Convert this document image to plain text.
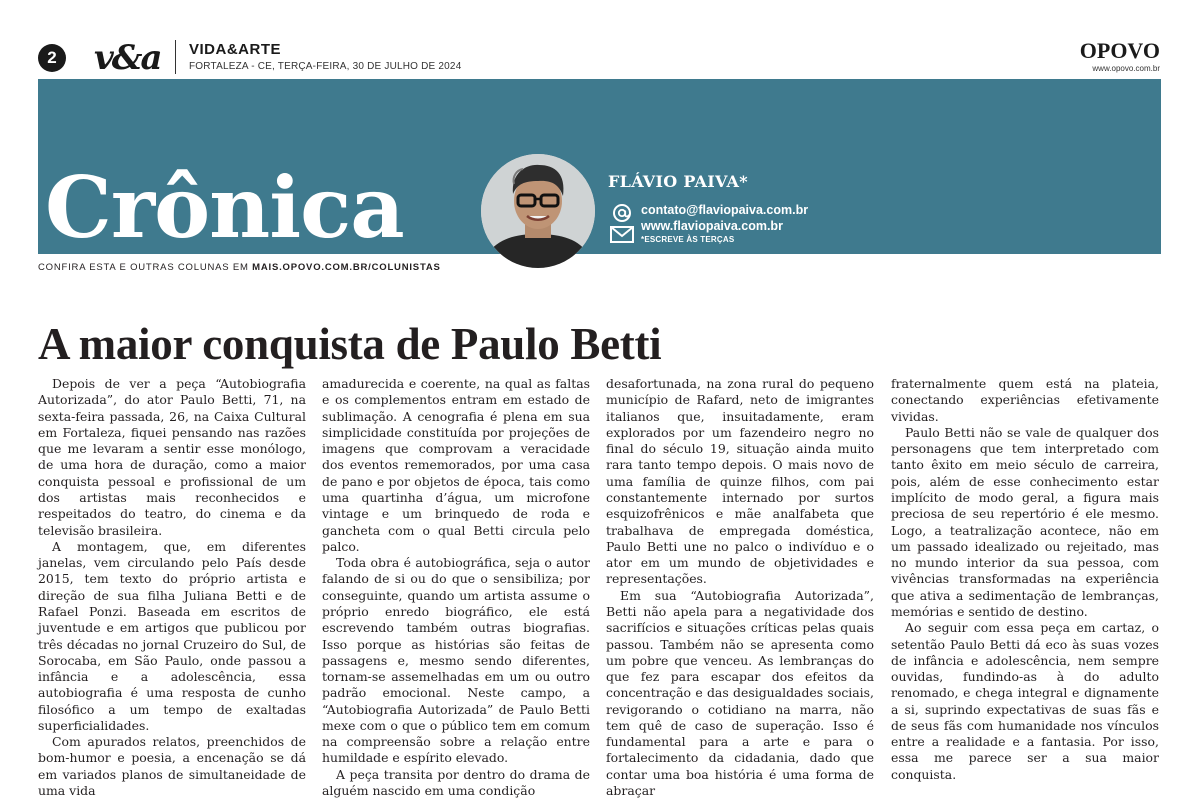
2 v&a VIDA&ARTE
FORTALEZA - CE, TERÇA-FEIRA, 30 DE JULHO DE 2024
OPOVO
www.opovo.com.br
Crônica	FLÁVIO PAIVA*
contato@flaviopaiva.com.br
www.flaviopaiva.com.br
*ESCREVE ÀS TERÇAS
CONFIRA ESTA E OUTRAS COLUNAS EM MAIS.OPOVO.COM.BR/COLUNISTAS
A maior conquista de Paulo Betti

Depois de ver a peça “Autobiografia Autorizada”, do ator Paulo Betti, 71, na sexta-feira passada, 26, na Caixa Cultural em Fortaleza, fiquei pensando nas razões que me levaram a sentir esse monólogo, de uma hora de duração, como a maior conquista pessoal e profissional de um dos artistas mais reconhecidos e respeitados do teatro, do cinema e da televisão brasileira.

A montagem, que, em diferentes janelas, vem circulando pelo País desde 2015, tem texto do próprio artista e direção de sua filha Juliana Betti e de Rafael Ponzi. Baseada em escritos de juventude e em artigos que publicou por três décadas no jornal Cruzeiro do Sul, de Sorocaba, em São Paulo, onde passou a infância e a adolescência, essa autobiografia é uma resposta de cunho filosófico a um tempo de exaltadas superficialidades.

Com apurados relatos, preenchidos de bom-humor e poesia, a encenação se dá em variados planos de simultaneidade de uma vida

amadurecida e coerente, na qual as faltas e os complementos entram em estado de sublimação. A cenografia é plena em sua simplicidade constituída por projeções de imagens que comprovam a veracidade dos eventos rememorados, por uma casa de pano e por objetos de época, tais como uma quartinha d’água, um microfone vintage e um brinquedo de roda e gancheta com o qual Betti circula pelo palco.

Toda obra é autobiográfica, seja o autor falando de si ou do que o sensibiliza; por conseguinte, quando um artista assume o próprio enredo biográfico, ele está escrevendo também outras biografias. Isso porque as histórias são feitas de passagens e, mesmo sendo diferentes, tornam-se assemelhadas em um ou outro padrão emocional. Neste campo, a “Autobiografia Autorizada” de Paulo Betti mexe com o que o público tem em comum na compreensão sobre a relação entre humildade e espírito elevado.

A peça transita por dentro do drama de alguém nascido em uma condição

desafortunada, na zona rural do pequeno município de Rafard, neto de imigrantes italianos que, insuitadamente, eram explorados por um fazendeiro negro no final do século 19, situação ainda muito rara tanto tempo depois. O mais novo de uma família de quinze filhos, com pai constantemente internado por surtos esquizofrênicos e mãe analfabeta que trabalhava de empregada doméstica, Paulo Betti une no palco o indivíduo e o ator em um mundo de objetividades e representações.

Em sua “Autobiografia Autorizada”, Betti não apela para a negatividade dos sacrifícios e situações críticas pelas quais passou. Também não se apresenta como um pobre que venceu. As lembranças do que fez para escapar dos efeitos da concentração e das desigualdades sociais, revigorando o cotidiano na marra, não tem quê de caso de superação. Isso é fundamental para a arte e para o fortalecimento da cidadania, dado que contar uma boa história é uma forma de abraçar

fraternalmente quem está na plateia, conectando experiências efetivamente vividas.

Paulo Betti não se vale de qualquer dos personagens que tem interpretado com tanto êxito em meio século de carreira, pois, além de esse conhecimento estar implícito de modo geral, a figura mais preciosa de seu repertório é ele mesmo. Logo, a teatralização acontece, não em um passado idealizado ou rejeitado, mas no mundo interior da sua pessoa, com vivências transformadas na experiência que ativa a sedimentação de lembranças, memórias e sentido de destino.

Ao seguir com essa peça em cartaz, o setentão Paulo Betti dá eco às suas vozes de infância e adolescência, nem sempre ouvidas, fundindo-as à do adulto renomado, e chega integral e dignamente a si, suprindo expectativas de suas fãs e de seus fãs com humanidade nos vínculos entre a realidade e a fantasia. Por isso, essa me parece ser a sua maior conquista.
